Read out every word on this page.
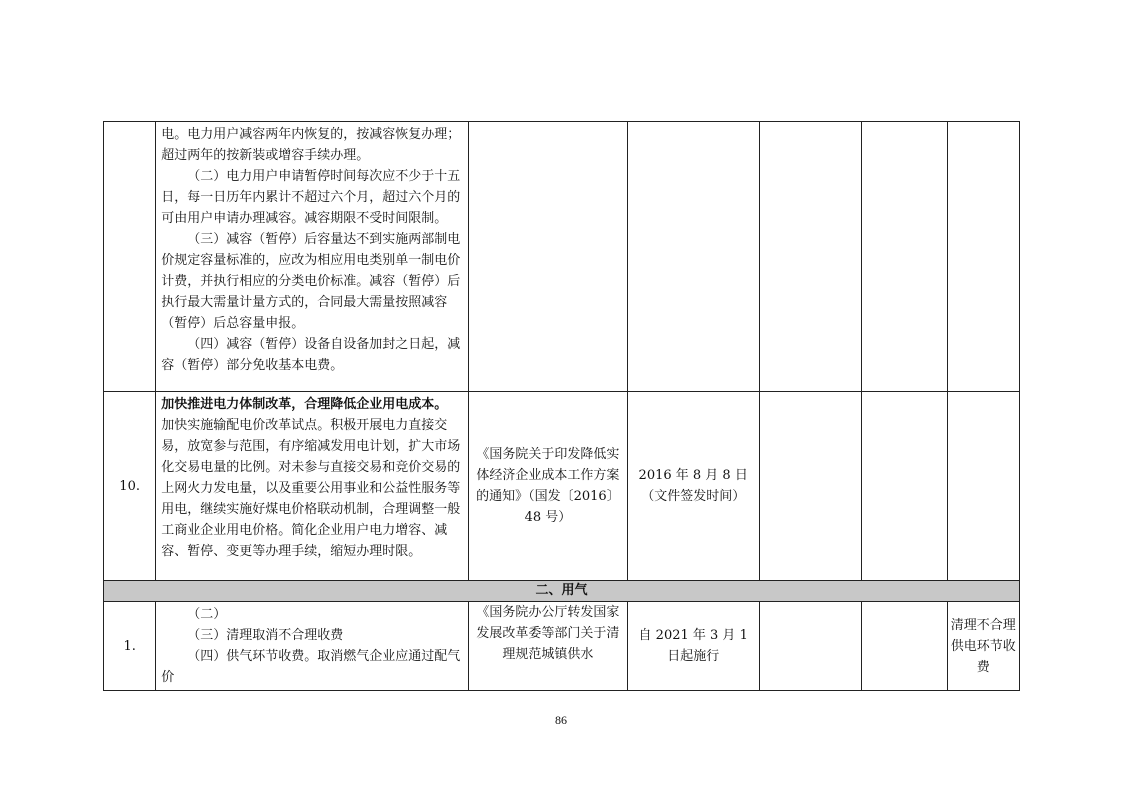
	电。电力用户减容两年内恢复的，按减容恢复办理；超过两年的按新装或增容手续办理。

（二）电力用户申请暂停时间每次应不少于十五日，每一日历年内累计不超过六个月，超过六个月的可由用户申请办理减容。减容期限不受时间限制。

（三）减容（暂停）后容量达不到实施两部制电价规定容量标准的，应改为相应用电类别单一制电价计费，并执行相应的分类电价标准。减容（暂停）后执行最大需量计量方式的，合同最大需量按照减容（暂停）后总容量申报。

（四）减容（暂停）设备自设备加封之日起，减容（暂停）部分免收基本电费。					

10.	加快推进电力体制改革，合理降低企业用电成本。

加快实施输配电价改革试点。积极开展电力直接交易，放宽参与范围，有序缩减发用电计划，扩大市场化交易电量的比例。对未参与直接交易和竞价交易的上网火力发电量，以及重要公用事业和公益性服务等用电，继续实施好煤电价格联动机制，合理调整一般工商业企业用电价格。简化企业用户电力增容、减容、暂停、变更等办理手续，缩短办理时限。	《国务院关于印发降低实体经济企业成本工作方案的通知》（国发〔2016〕48 号）	2016 年 8 月 8 日（文件签发时间）			
二、用气						
1.	（二）

（三）清理取消不合理收费

（四）供气环节收费。取消燃气企业应通过配气价	《国务院办公厅转发国家发展改革委等部门关于清理规范城镇供水	自 2021 年 3 月 1 日起施行			清理不合理供电环节收费
86
